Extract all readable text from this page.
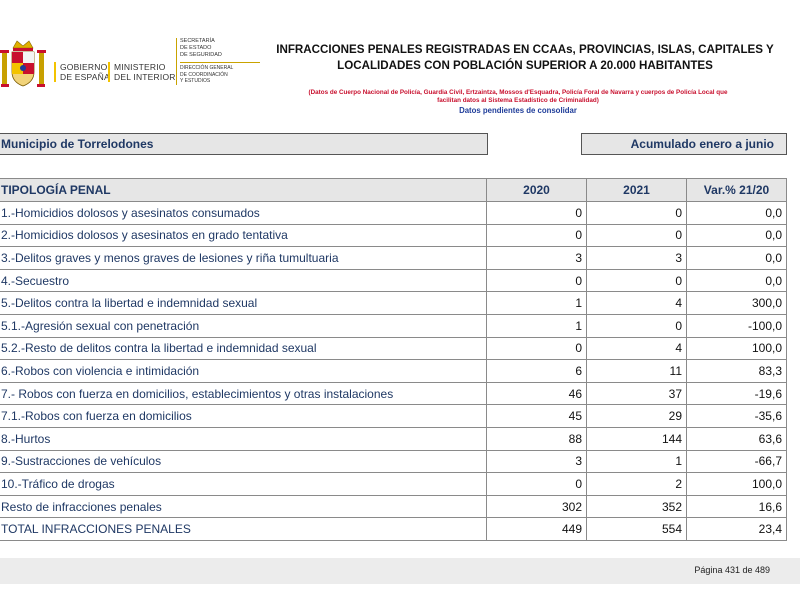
GOBIERNO
DE ESPAÑA
MINISTERIO
DEL INTERIOR
SECRETARÍA
DE ESTADO
DE SEGURIDAD
DIRECCIÓN GENERAL
DE COORDINACIÓN
Y ESTUDIOS
INFRACCIONES PENALES REGISTRADAS EN CCAAs, PROVINCIAS, ISLAS, CAPITALES Y
LOCALIDADES CON POBLACIÓN SUPERIOR A 20.000 HABITANTES
(Datos de Cuerpo Nacional de Policía, Guardia Civil, Ertzaintza, Mossos d'Esquadra, Policía Foral de Navarra y cuerpos de Policía Local que
facilitan datos al Sistema Estadístico de Criminalidad)
Datos pendientes de consolidar
Municipio de Torrelodones	Acumulado enero a junio
TIPOLOGÍA PENAL	2020	2021	Var.% 21/20
1.-Homicidios dolosos y asesinatos consumados	0	0	0,0
2.-Homicidios dolosos y asesinatos en grado tentativa	0	0	0,0
3.-Delitos graves y menos graves de lesiones y riña tumultuaria	3	3	0,0
4.-Secuestro	0	0	0,0
5.-Delitos contra la libertad e indemnidad sexual	1	4	300,0
5.1.-Agresión sexual con penetración	1	0	-100,0
5.2.-Resto de delitos contra la libertad e indemnidad sexual	0	4	100,0
6.-Robos con violencia e intimidación	6	11	83,3
7.- Robos con fuerza en domicilios, establecimientos y otras instalaciones	46	37	-19,6
7.1.-Robos con fuerza en domicilios	45	29	-35,6
8.-Hurtos	88	144	63,6
9.-Sustracciones de vehículos	3	1	-66,7
10.-Tráfico de drogas	0	2	100,0
Resto de infracciones penales	302	352	16,6
TOTAL INFRACCIONES PENALES	449	554	23,4
Página 431 de 489
